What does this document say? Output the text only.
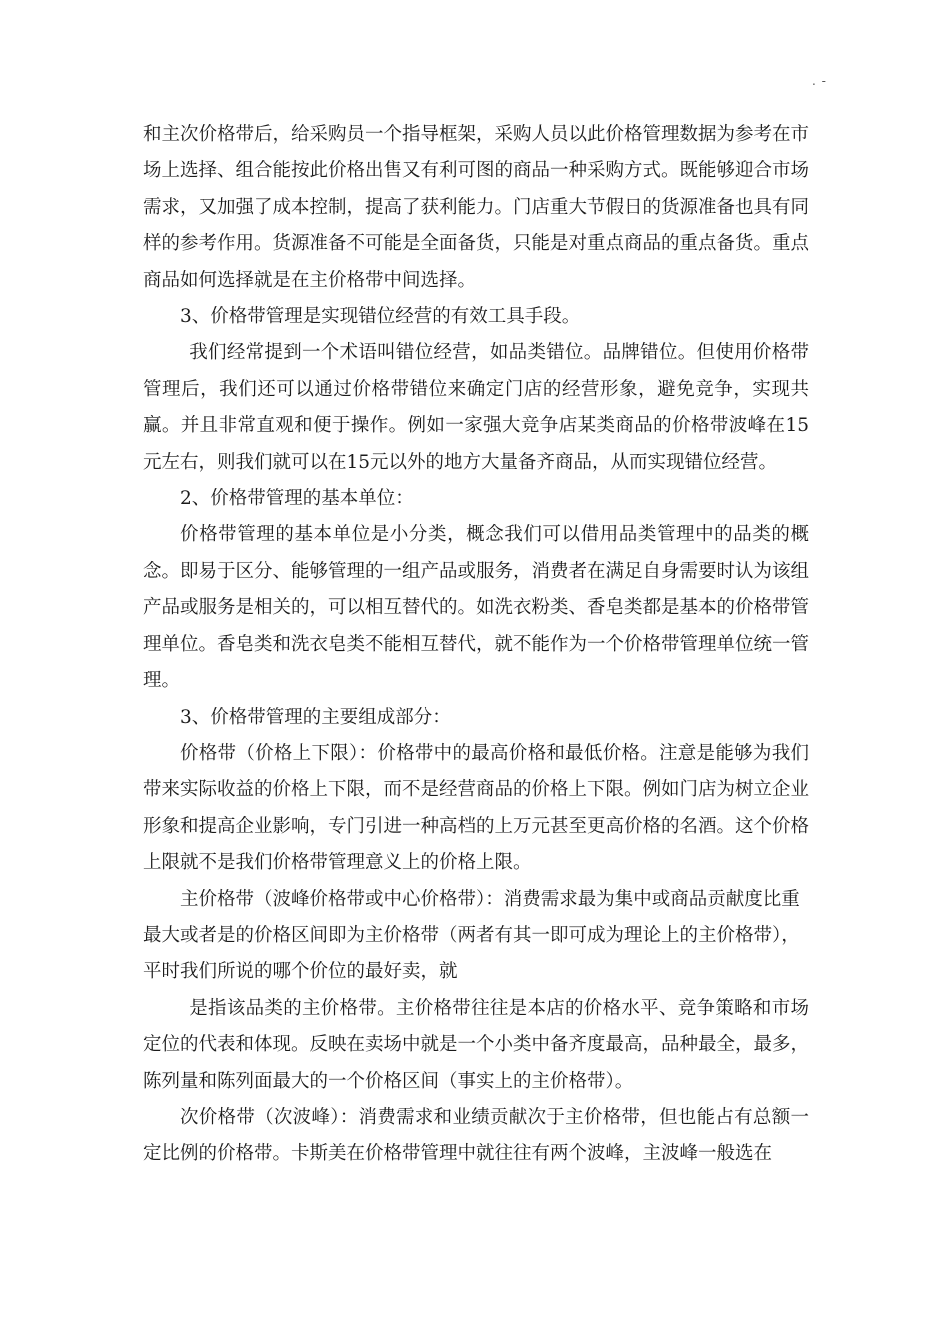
. -

和主次价格带后，给采购员一个指导框架，采购人员以此价格管理数据为参考在市场上选择、组合能按此价格出售又有利可图的商品一种采购方式。既能够迎合市场需求，又加强了成本控制，提高了获利能力。门店重大节假日的货源准备也具有同样的参考作用。货源准备不可能是全面备货，只能是对重点商品的重点备货。重点商品如何选择就是在主价格带中间选择。

3、价格带管理是实现错位经营的有效工具手段。

我们经常提到一个术语叫错位经营，如品类错位。品牌错位。但使用价格带管理后，我们还可以通过价格带错位来确定门店的经营形象，避免竞争，实现共赢。并且非常直观和便于操作。例如一家强大竞争店某类商品的价格带波峰在15元左右，则我们就可以在15元以外的地方大量备齐商品，从而实现错位经营。

2、价格带管理的基本单位：

价格带管理的基本单位是小分类，概念我们可以借用品类管理中的品类的概念。即易于区分、能够管理的一组产品或服务，消费者在满足自身需要时认为该组产品或服务是相关的，可以相互替代的。如洗衣粉类、香皂类都是基本的价格带管理单位。香皂类和洗衣皂类不能相互替代，就不能作为一个价格带管理单位统一管理。

3、价格带管理的主要组成部分：

价格带（价格上下限）：价格带中的最高价格和最低价格。注意是能够为我们带来实际收益的价格上下限，而不是经营商品的价格上下限。例如门店为树立企业形象和提高企业影响，专门引进一种高档的上万元甚至更高价格的名酒。这个价格上限就不是我们价格带管理意义上的价格上限。

主价格带（波峰价格带或中心价格带）：消费需求最为集中或商品贡献度比重最大或者是的价格区间即为主价格带（两者有其一即可成为理论上的主价格带），平时我们所说的哪个价位的最好卖，就

是指该品类的主价格带。主价格带往往是本店的价格水平、竞争策略和市场定位的代表和体现。反映在卖场中就是一个小类中备齐度最高，品种最全，最多，陈列量和陈列面最大的一个价格区间（事实上的主价格带）。

次价格带（次波峰）：消费需求和业绩贡献次于主价格带，但也能占有总额一定比例的价格带。卡斯美在价格带管理中就往往有两个波峰，主波峰一般选在
